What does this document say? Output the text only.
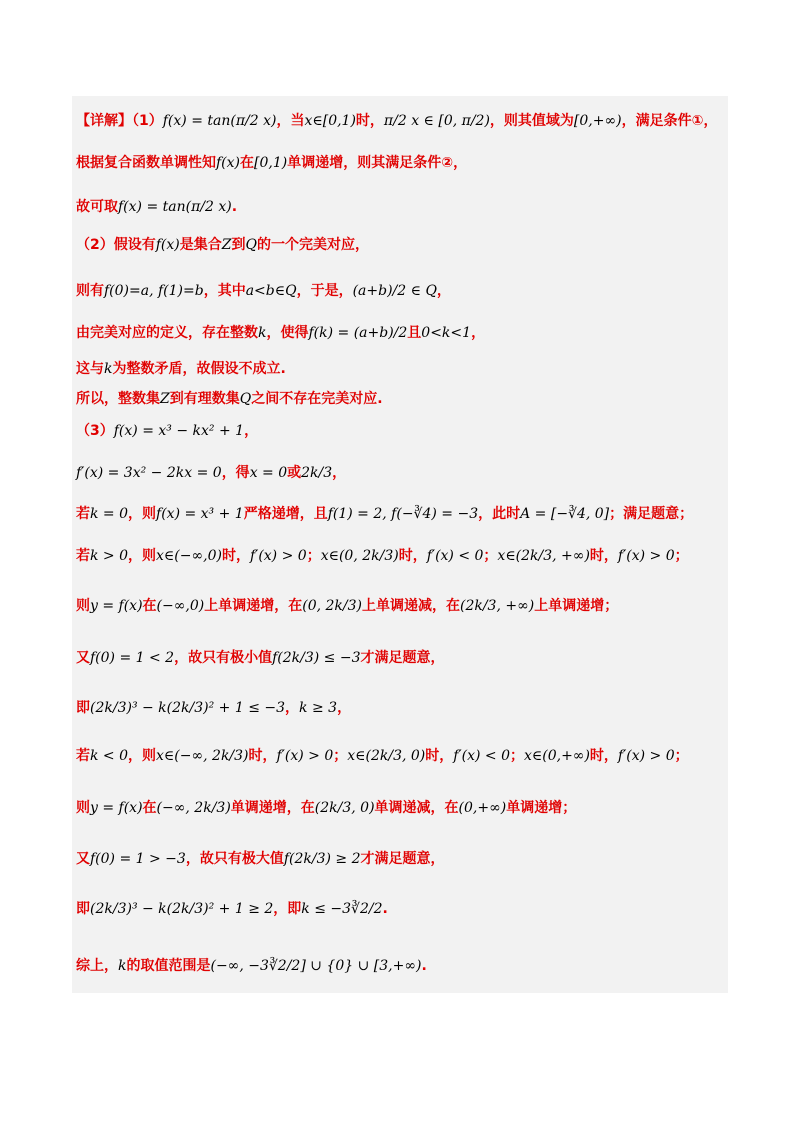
【详解】（1）f(x) = tan(π/2 x)，当x∈[0,1)时，π/2 x ∈ [0, π/2)，则其值域为[0,+∞)，满足条件①，
根据复合函数单调性知f(x)在[0,1)单调递增，则其满足条件②，
故可取f(x) = tan(π/2 x).
（2）假设有f(x)是集合Z到Q的一个完美对应，
则有f(0)=a, f(1)=b，其中a<b∈Q，于是，(a+b)/2 ∈ Q，
由完美对应的定义，存在整数k，使得f(k) = (a+b)/2且0<k<1，
这与k为整数矛盾，故假设不成立.
所以，整数集Z到有理数集Q之间不存在完美对应.
（3）f(x) = x³ − kx² + 1，
f′(x) = 3x² − 2kx = 0，得x = 0或2k/3，
若k = 0，则f(x) = x³ + 1严格递增，且f(1) = 2, f(−∛4) = −3，此时A = [−∛4, 0]；满足题意；
若k > 0，则x∈(−∞,0)时，f′(x) > 0；x∈(0, 2k/3)时，f′(x) < 0；x∈(2k/3, +∞)时，f′(x) > 0；
则y = f(x)在(−∞,0)上单调递增，在(0, 2k/3)上单调递减，在(2k/3, +∞)上单调递增；
又f(0) = 1 < 2，故只有极小值f(2k/3) ≤ −3才满足题意，
即(2k/3)³ − k(2k/3)² + 1 ≤ −3，k ≥ 3，
若k < 0，则x∈(−∞, 2k/3)时，f′(x) > 0；x∈(2k/3, 0)时，f′(x) < 0；x∈(0,+∞)时，f′(x) > 0；
则y = f(x)在(−∞, 2k/3)单调递增，在(2k/3, 0)单调递减，在(0,+∞)单调递增；
又f(0) = 1 > −3，故只有极大值f(2k/3) ≥ 2才满足题意，
即(2k/3)³ − k(2k/3)² + 1 ≥ 2，即k ≤ −3∛2/2.
综上，k的取值范围是(−∞, −3∛2/2] ∪ {0} ∪ [3,+∞).
